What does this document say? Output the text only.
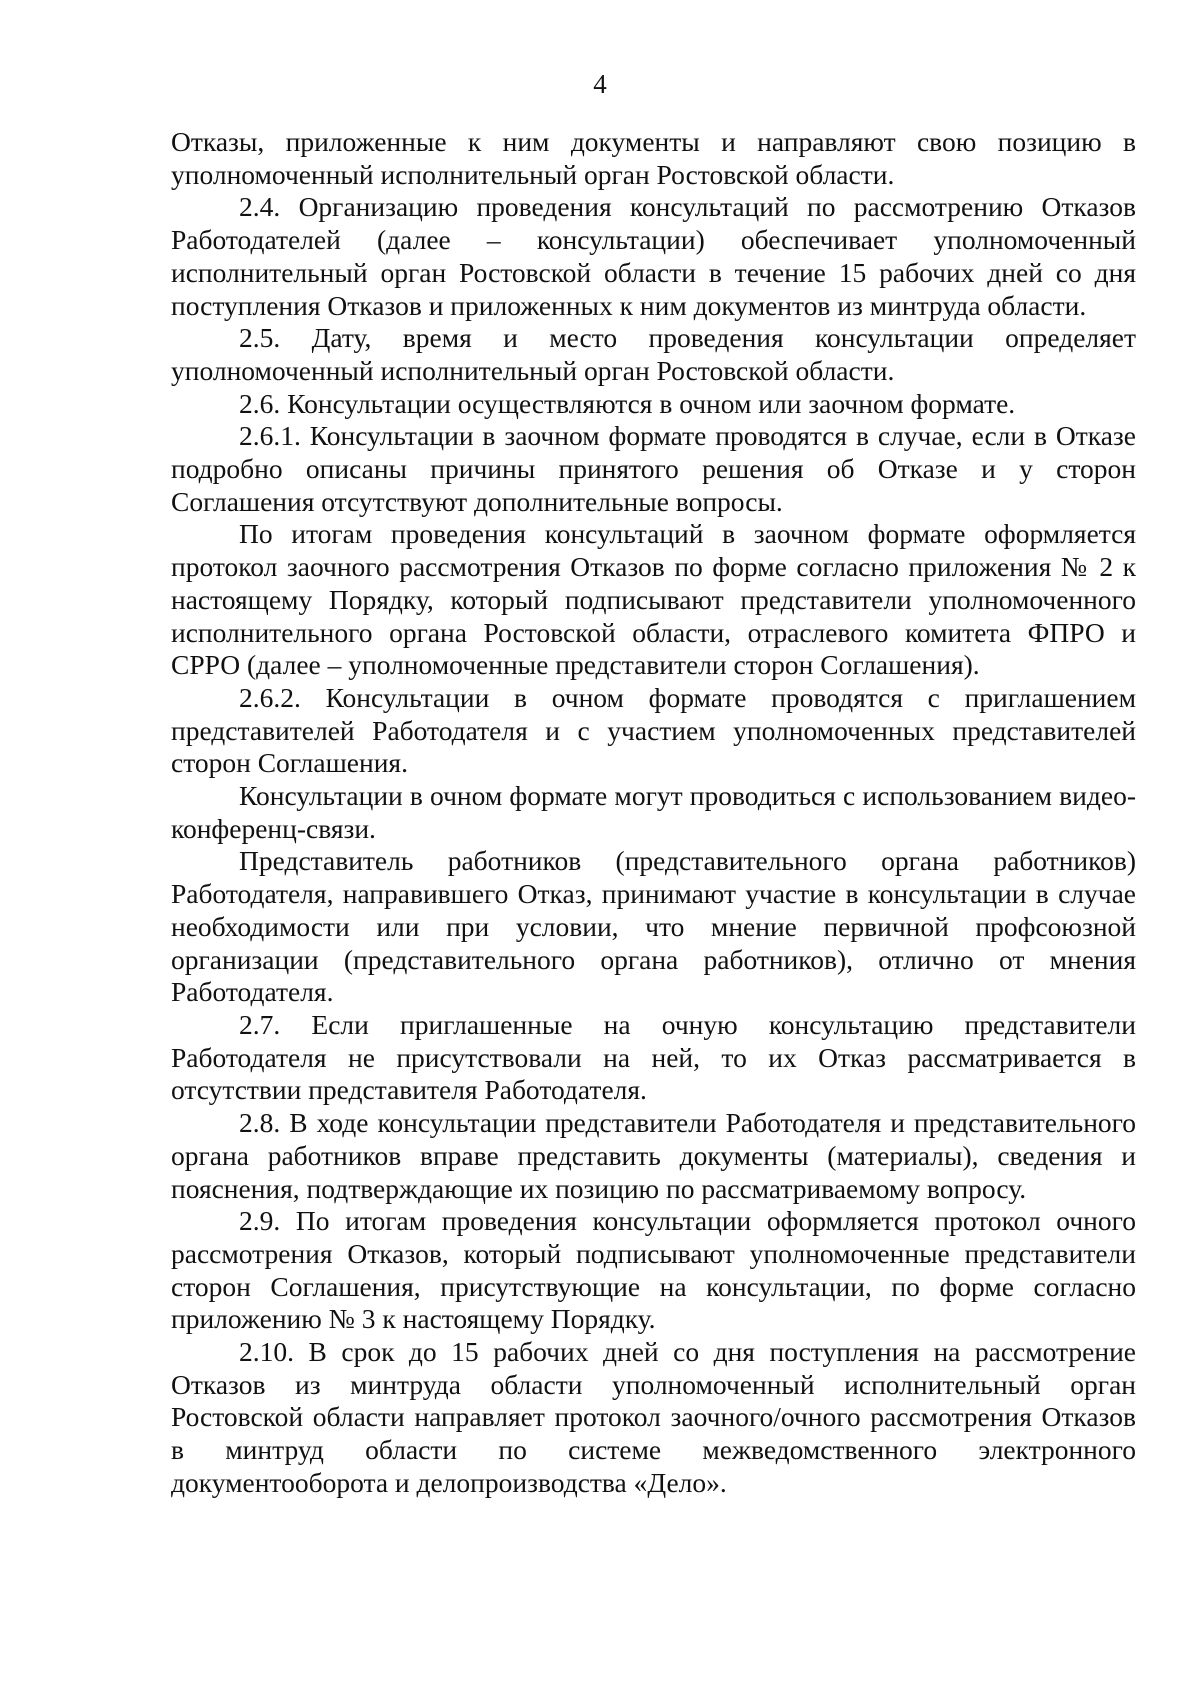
4

Отказы, приложенные к ним документы и направляют свою позицию в уполномоченный исполнительный орган Ростовской области.

2.4. Организацию проведения консультаций по рассмотрению Отказов Работодателей (далее – консультации) обеспечивает уполномоченный исполнительный орган Ростовской области в течение 15 рабочих дней со дня поступления Отказов и приложенных к ним документов из минтруда области.

2.5. Дату, время и место проведения консультации определяет уполномоченный исполнительный орган Ростовской области.

2.6. Консультации осуществляются в очном или заочном формате.

2.6.1. Консультации в заочном формате проводятся в случае, если в Отказе подробно описаны причины принятого решения об Отказе и у сторон Соглашения отсутствуют дополнительные вопросы.

По итогам проведения консультаций в заочном формате оформляется протокол заочного рассмотрения Отказов по форме согласно приложения № 2 к настоящему Порядку, который подписывают представители уполномоченного исполнительного органа Ростовской области, отраслевого комитета ФПРО и СРРО (далее – уполномоченные представители сторон Соглашения).

2.6.2. Консультации в очном формате проводятся с приглашением представителей Работодателя и с участием уполномоченных представителей сторон Соглашения.

Консультации в очном формате могут проводиться с использованием видео-конференц-связи.

Представитель работников (представительного органа работников) Работодателя, направившего Отказ, принимают участие в консультации в случае необходимости или при условии, что мнение первичной профсоюзной организации (представительного органа работников), отлично от мнения Работодателя.

2.7. Если приглашенные на очную консультацию представители Работодателя не присутствовали на ней, то их Отказ рассматривается в отсутствии представителя Работодателя.

2.8. В ходе консультации представители Работодателя и представительного органа работников вправе представить документы (материалы), сведения и пояснения, подтверждающие их позицию по рассматриваемому вопросу.

2.9. По итогам проведения консультации оформляется протокол очного рассмотрения Отказов, который подписывают уполномоченные представители сторон Соглашения, присутствующие на консультации, по форме согласно приложению № 3 к настоящему Порядку.

2.10. В срок до 15 рабочих дней со дня поступления на рассмотрение Отказов из минтруда области уполномоченный исполнительный орган Ростовской области направляет протокол заочного/очного рассмотрения Отказов в минтруд области по системе межведомственного электронного документооборота и делопроизводства «Дело».
